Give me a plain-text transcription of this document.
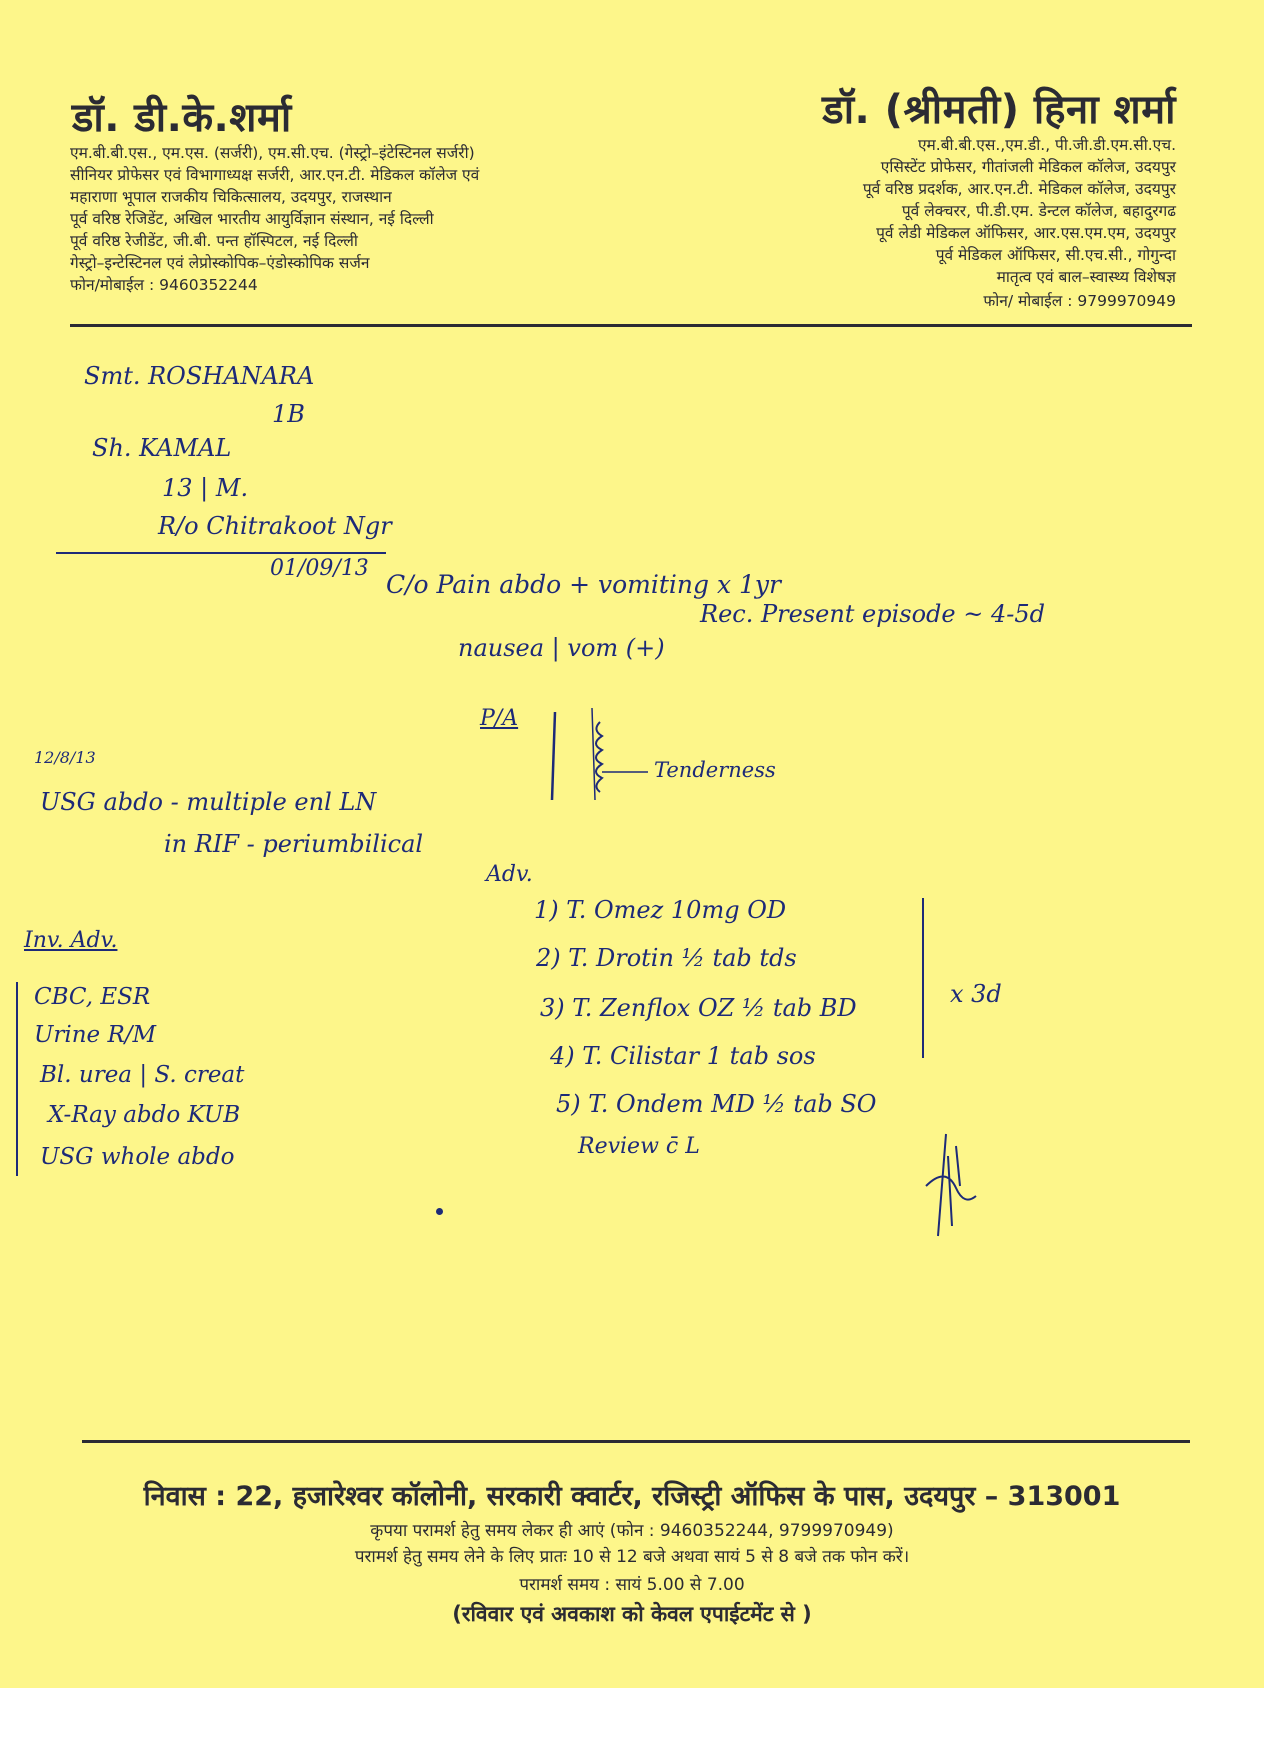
डॉ. डी.के.शर्मा
एम.बी.बी.एस., एम.एस. (सर्जरी), एम.सी.एच. (गेस्ट्रो–इंटेस्टिनल सर्जरी)
सीनियर प्रोफेसर एवं विभागाध्यक्ष सर्जरी, आर.एन.टी. मेडिकल कॉलेज एवं
महाराणा भूपाल राजकीय चिकित्सालय, उदयपुर, राजस्थान
पूर्व वरिष्ठ रेजिडेंट, अखिल भारतीय आयुर्विज्ञान संस्थान, नई दिल्ली
पूर्व वरिष्ठ रेजीडेंट, जी.बी. पन्त हॉस्पिटल, नई दिल्ली
गेस्ट्रो–इन्टेस्टिनल एवं लेप्रोस्कोपिक–एंडोस्कोपिक सर्जन
फोन/मोबाईल : 9460352244
डॉ. (श्रीमती) हिना शर्मा
एम.बी.बी.एस.,एम.डी., पी.जी.डी.एम.सी.एच.
एसिस्टेंट प्रोफेसर, गीतांजली मेडिकल कॉलेज, उदयपुर
पूर्व वरिष्ठ प्रदर्शक, आर.एन.टी. मेडिकल कॉलेज, उदयपुर
पूर्व लेक्चरर, पी.डी.एम. डेन्टल कॉलेज, बहादुरगढ
पूर्व लेडी मेडिकल ऑफिसर, आर.एस.एम.एम, उदयपुर
पूर्व मेडिकल ऑफिसर, सी.एच.सी., गोगुन्दा
मातृत्व एवं बाल–स्वास्थ्य विशेषज्ञ
फोन/ मोबाईल : 9799970949
Smt. ROSHANARA
1B
Sh. KAMAL
13 | M.
R/o Chitrakoot Ngr
01/09/13
C/o Pain abdo + vomiting x 1yr
Rec. Present episode ~ 4-5d
nausea | vom (+)
P/A
Tenderness
12/8/13
USG abdo - multiple enl LN
in RIF - periumbilical
Inv. Adv.
CBC, ESR
Urine R/M
Bl. urea | S. creat
X-Ray abdo KUB
USG whole abdo
Adv.
1) T. Omez 10mg OD
2) T. Drotin ½ tab tds
3) T. Zenflox OZ ½ tab BD
4) T. Cilistar 1 tab sos
5) T. Ondem MD ½ tab SO
x 3d
Review c̄ L
निवास : 22, हजारेश्वर कॉलोनी, सरकारी क्वार्टर, रजिस्ट्री ऑफिस के पास, उदयपुर – 313001
कृपया परामर्श हेतु समय लेकर ही आएं (फोन : 9460352244, 9799970949)
परामर्श हेतु समय लेने के लिए प्रातः 10 से 12 बजे अथवा सायं 5 से 8 बजे तक फोन करें।
परामर्श समय : सायं 5.00 से 7.00
(रविवार एवं अवकाश को केवल एपाईटमेंट से )
